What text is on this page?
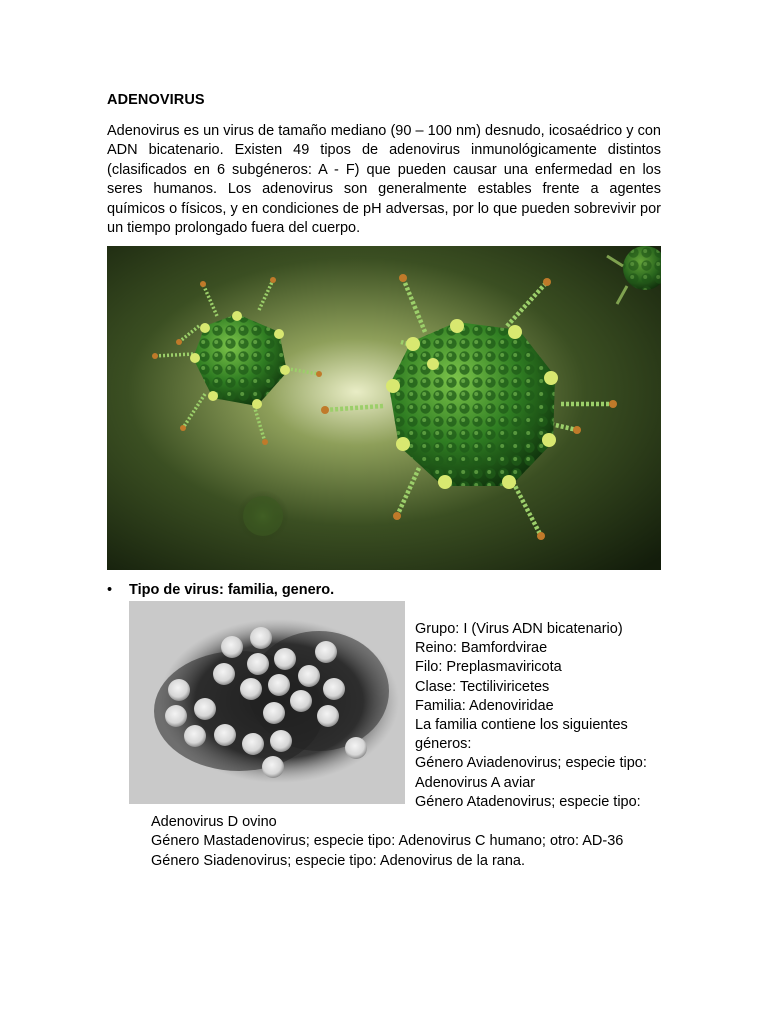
ADENOVIRUS

Adenovirus es un virus de tamaño mediano (90 – 100 nm) desnudo, icosaédrico y con ADN bicatenario. Existen 49 tipos de adenovirus inmunológicamente distintos (clasificados en 6 subgéneros: A - F) que pueden causar una enfermedad en los seres humanos. Los adenovirus son generalmente estables frente a agentes químicos o físicos, y en condiciones de pH adversas, por lo que pueden sobrevivir por un tiempo prolongado fuera del cuerpo.

• Tipo de virus: familia, genero.
Grupo: I (Virus ADN bicatenario)
Reino: Bamfordvirae
Filo: Preplasmaviricota
Clase: Tectiliviricetes
Familia: Adenoviridae
La familia contiene los siguientes
géneros:
Género Aviadenovirus; especie tipo:
Adenovirus A aviar
Género Atadenovirus; especie tipo:
Adenovirus D ovino
Género Mastadenovirus; especie tipo: Adenovirus C humano; otro: AD-36
Género Siadenovirus; especie tipo: Adenovirus de la rana.
